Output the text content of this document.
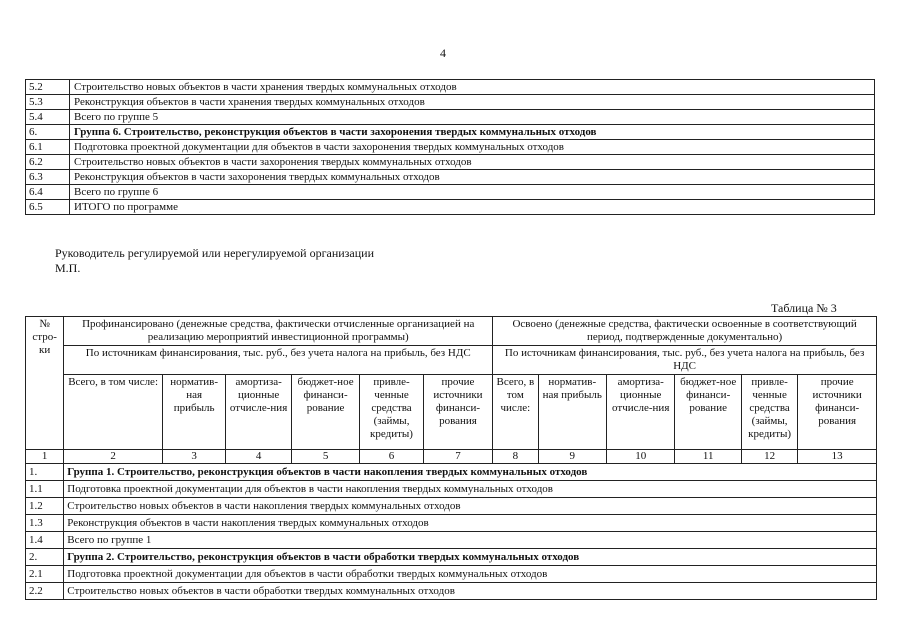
4
5.2	Строительство новых объектов в части хранения твердых коммунальных отходов
5.3	Реконструкция объектов в части хранения твердых коммунальных отходов
5.4	Всего по группе 5
6.	Группа 6. Строительство, реконструкция объектов в части захоронения твердых коммунальных отходов
6.1	Подготовка проектной документации для объектов в части захоронения твердых коммунальных отходов
6.2	Строительство новых объектов в части захоронения твердых коммунальных отходов
6.3	Реконструкция объектов в части захоронения твердых коммунальных отходов
6.4	Всего по группе 6
6.5	ИТОГО по программе
Руководитель регулируемой или нерегулируемой организации
М.П.
Таблица № 3
№ стро-ки	Профинансировано (денежные средства, фактически отчисленные организацией на реализацию мероприятий инвестиционной программы)						Освоено (денежные средства, фактически освоенные в соответствующий период, подтвержденные документально)					
	По источникам финансирования, тыс. руб., без учета налога на прибыль, без НДС						По источникам финансирования, тыс. руб., без учета налога на прибыль, без НДС					
	Всего, в том числе:	норматив-ная прибыль	амортиза-ционные отчисле-ния	бюджет-ное финанси-рование	привле-ченные средства (займы, кредиты)	прочие источники финанси-рования	Всего, в том числе:	норматив-ная прибыль	амортиза-ционные отчисле-ния	бюджет-ное финанси-рование	привле-ченные средства (займы, кредиты)	прочие источники финанси-рования
1	2	3	4	5	6	7	8	9	10	11	12	13
1.	Группа 1. Строительство, реконструкция объектов в части накопления твердых коммунальных отходов											
1.1	Подготовка проектной документации для объектов в части накопления твердых коммунальных отходов											
1.2	Строительство новых объектов в части накопления твердых коммунальных отходов											
1.3	Реконструкция объектов в части накопления твердых коммунальных отходов											
1.4	Всего по группе 1											
2.	Группа 2. Строительство, реконструкция объектов в части обработки твердых коммунальных отходов											
2.1	Подготовка проектной документации для объектов в части обработки твердых коммунальных отходов											
2.2	Строительство новых объектов в части обработки твердых коммунальных отходов											
